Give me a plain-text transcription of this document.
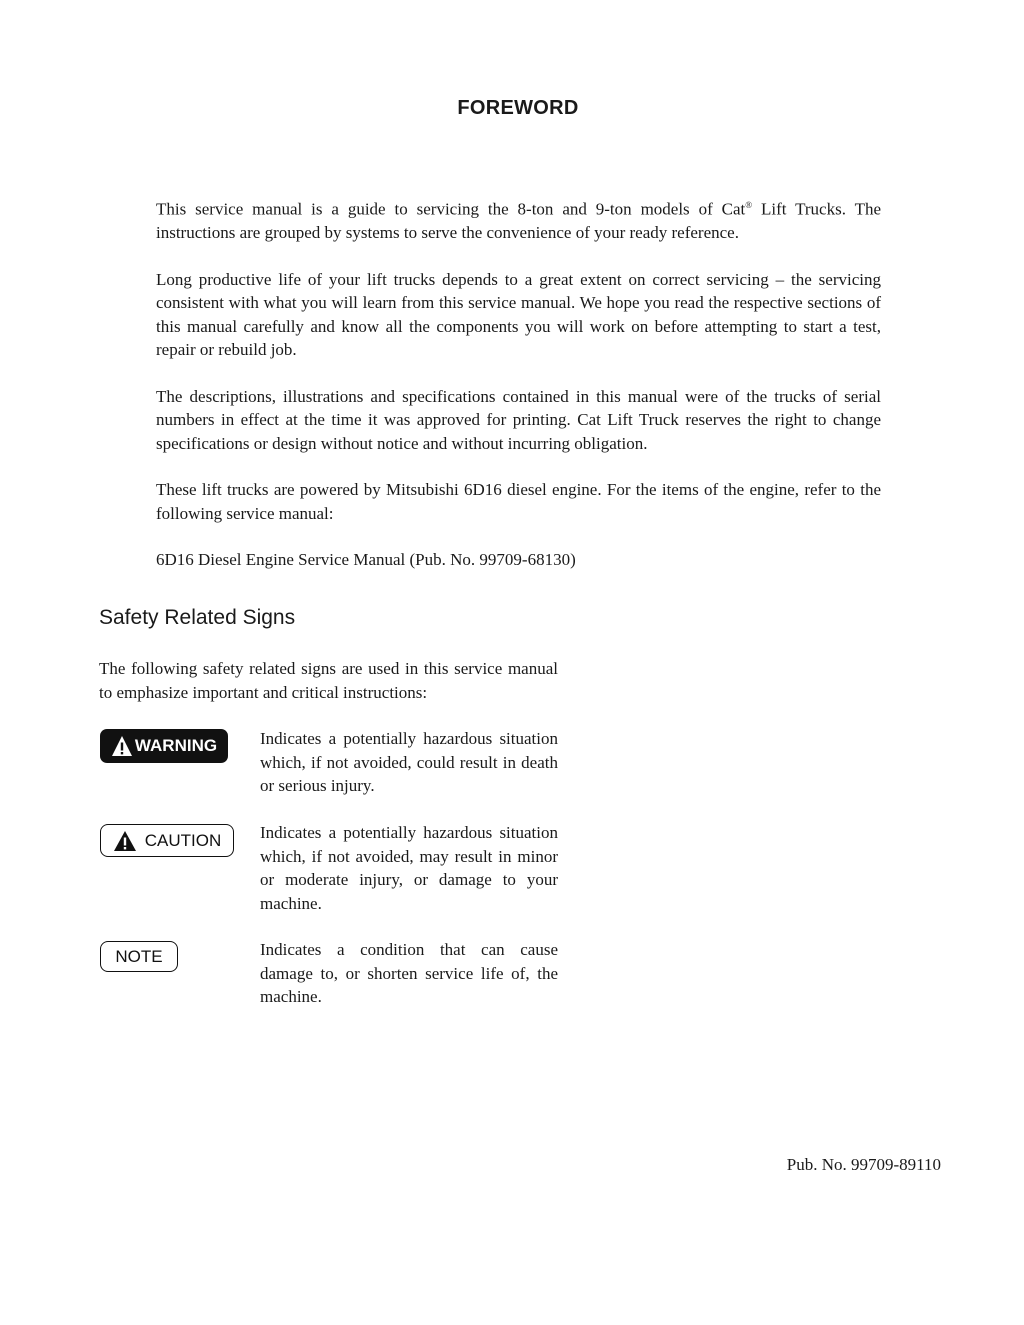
FOREWORD

This service manual is a guide to servicing the 8-ton and 9-ton models of Cat® Lift Trucks. The instructions are grouped by systems to serve the convenience of your ready reference.

Long productive life of your lift trucks depends to a great extent on correct servicing – the servicing consistent with what you will learn from this service manual. We hope you read the respective sections of this manual carefully and know all the components you will work on before attempting to start a test, repair or rebuild job.

The descriptions, illustrations and specifications contained in this manual were of the trucks of serial numbers in effect at the time it was approved for printing. Cat Lift Truck reserves the right to change specifications or design without notice and without incurring obligation.

These lift trucks are powered by Mitsubishi 6D16 diesel engine. For the items of the engine, refer to the following service manual:

6D16 Diesel Engine Service Manual (Pub. No. 99709-68130)

Safety Related Signs

The following safety related signs are used in this service manual to emphasize important and critical instructions:

WARNING	Indicates a potentially hazardous situation which, if not avoided, could result in death or serious injury.

CAUTION Indicates a potentially hazardous situation which, if not avoided, may result in minor or moderate injury, or damage to your machine.

NOTE	Indicates a condition that can cause damage to, or shorten service life of, the machine.

Pub. No. 99709-89110
